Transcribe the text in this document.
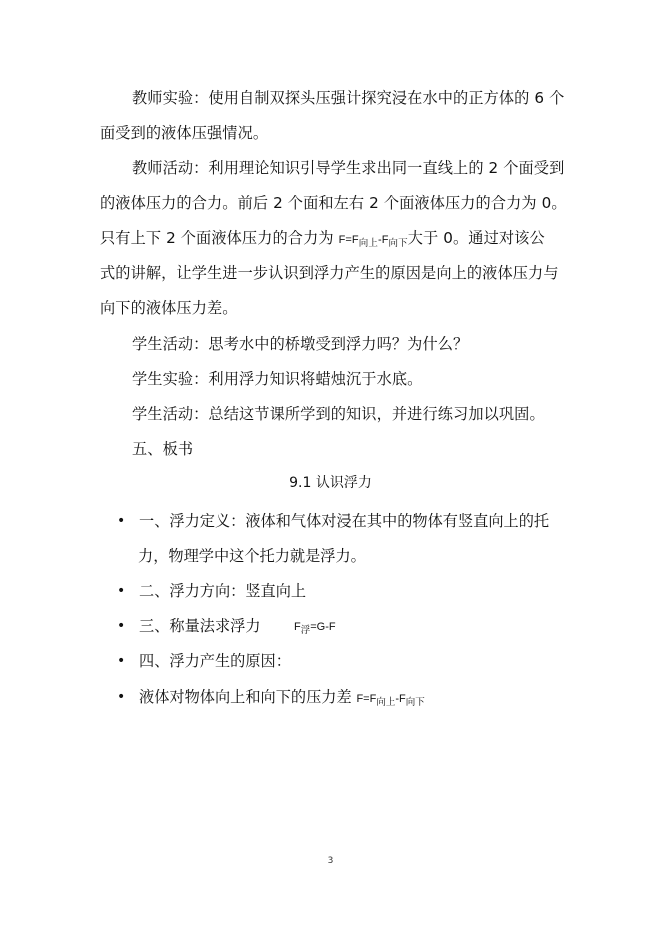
教师实验：使用自制双探头压强计探究浸在水中的正方体的 6 个
面受到的液体压强情况。
教师活动：利用理论知识引导学生求出同一直线上的 2 个面受到
的液体压力的合力。前后 2 个面和左右 2 个面液体压力的合力为 0。
只有上下 2 个面液体压力的合力为 F=F向上-F向下大于 0。通过对该公
式的讲解，让学生进一步认识到浮力产生的原因是向上的液体压力与
向下的液体压力差。
学生活动：思考水中的桥墩受到浮力吗？为什么？
学生实验：利用浮力知识将蜡烛沉于水底。
学生活动：总结这节课所学到的知识，并进行练习加以巩固。
五、板书
9.1 认识浮力
• 一、浮力定义：液体和气体对浸在其中的物体有竖直向上的托
力，物理学中这个托力就是浮力。
• 二、浮力方向：竖直向上
• 三、称量法求浮力	F浮=G-F
• 四、浮力产生的原因：
• 液体对物体向上和向下的压力差 F=F向上-F向下
3
